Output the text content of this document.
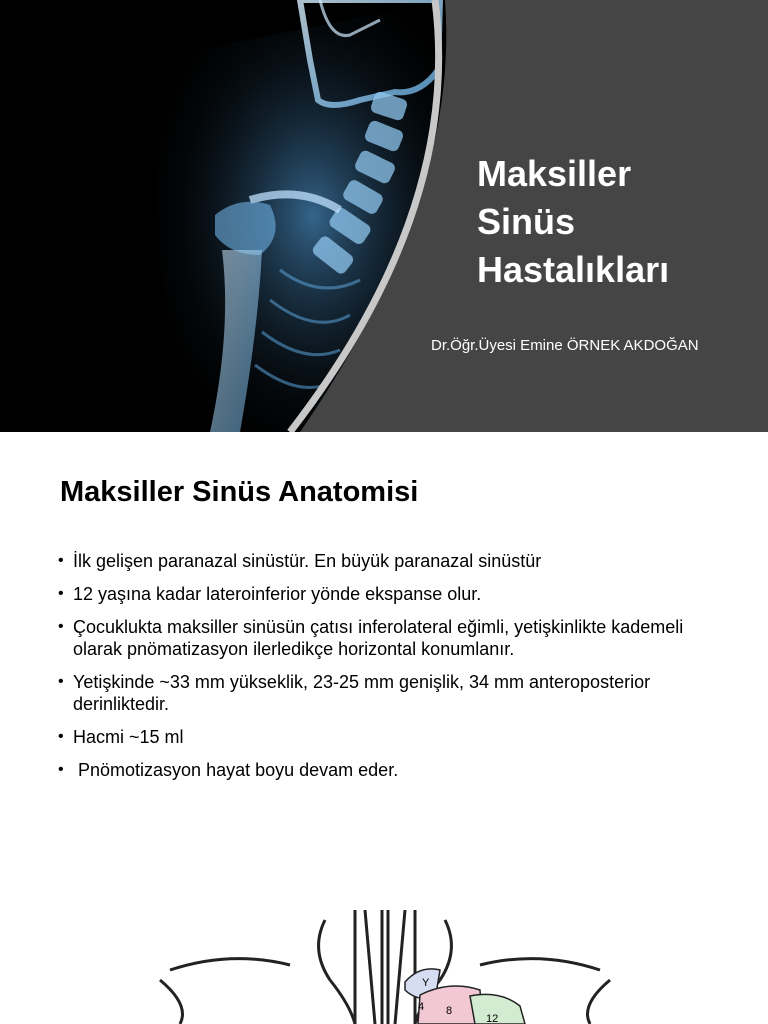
Maksiller
Sinüs
Hastalıkları

Dr.Öğr.Üyesi Emine ÖRNEK AKDOĞAN

Maksiller Sinüs Anatomisi
• İlk gelişen paranazal sinüstür. En büyük paranazal sinüstür
• 12 yaşına kadar lateroinferior yönde ekspanse olur.
• Çocuklukta maksiller sinüsün çatısı inferolateral eğimli, yetişkinlikte kademeli olarak pnömatizasyon ilerledikçe horizontal konumlanır.
• Yetişkinde ~33 mm yükseklik, 23-25 mm genişlik, 34 mm anteroposterior derinliktedir.
• Hacmi ~15 ml
•  Pnömotizasyon hayat boyu devam eder.
Y
4 8
12
